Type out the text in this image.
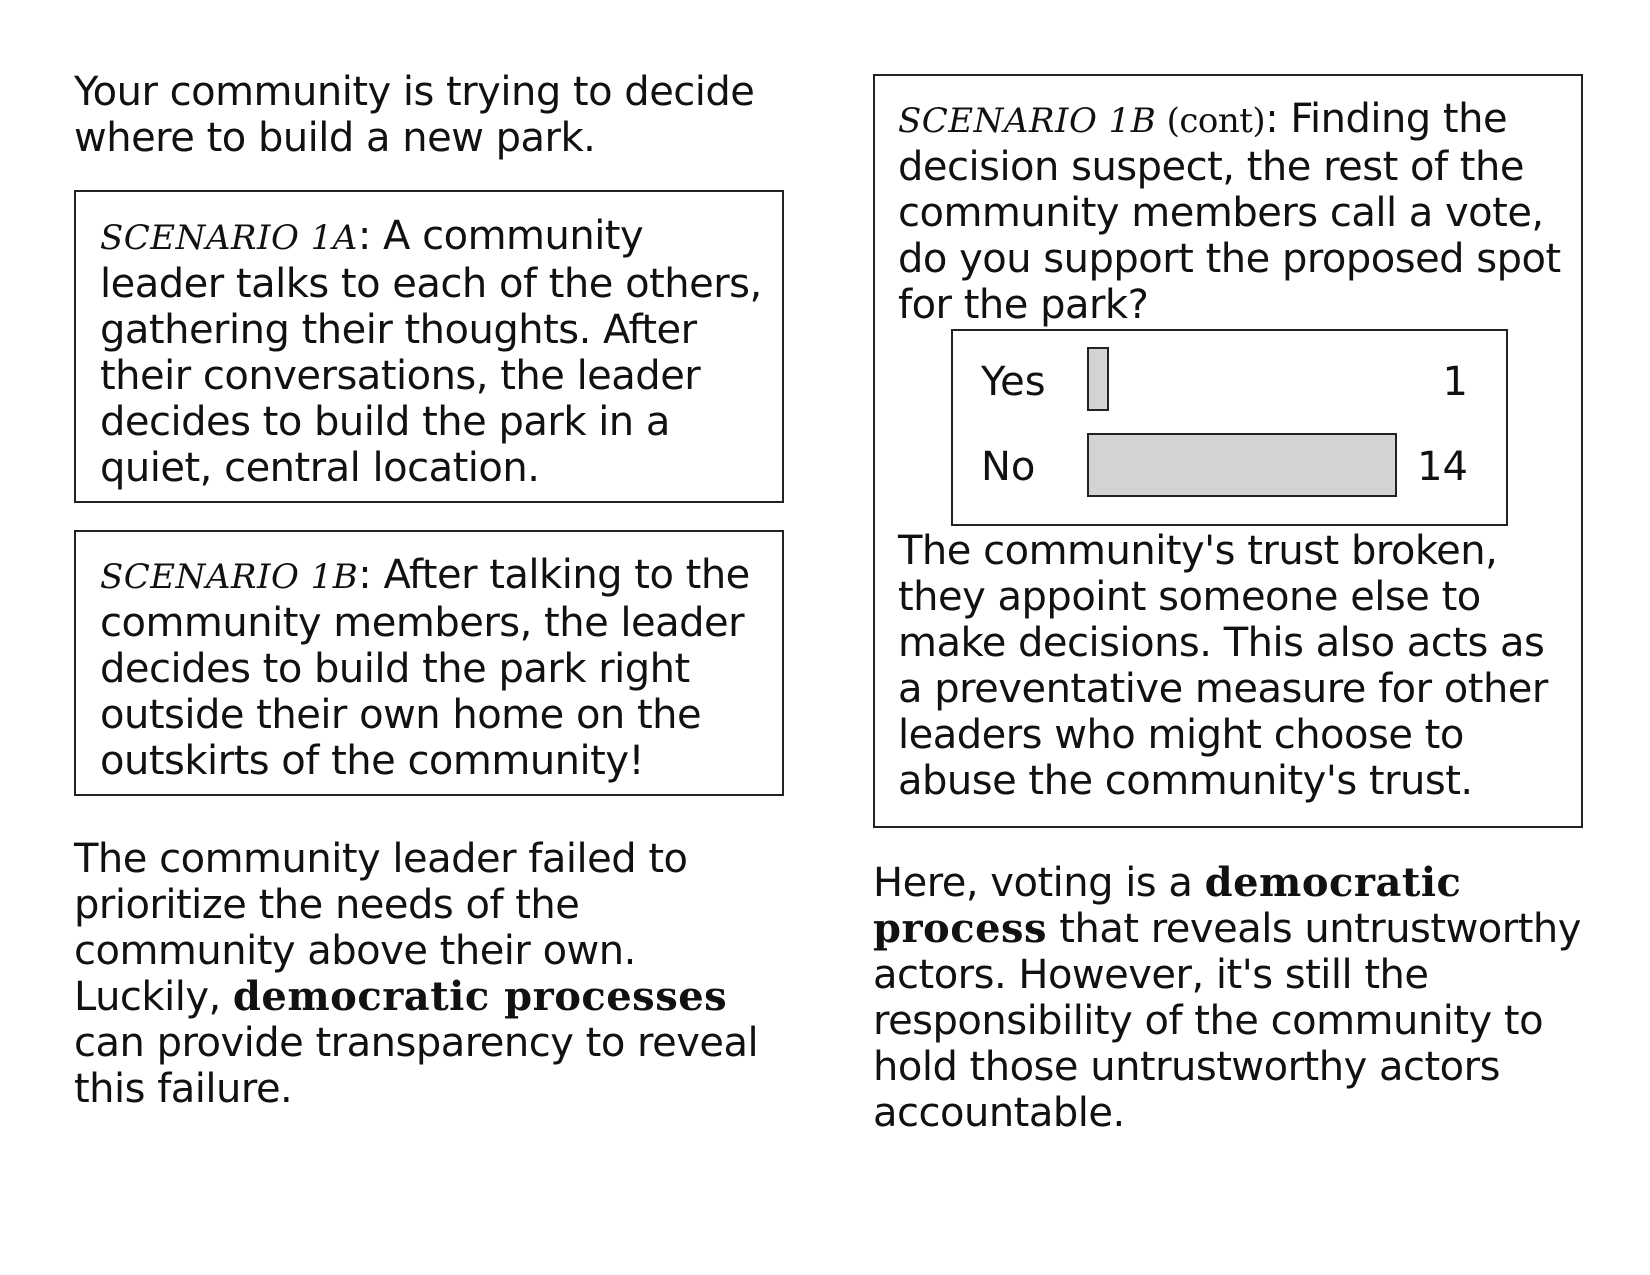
Your community is trying to decide where to build a new park.

SCENARIO 1A: A community leader talks to each of the others, gathering their thoughts. After their conversations, the leader decides to build the park in a quiet, central location.

SCENARIO 1B: After talking to the community members, the leader decides to build the park right outside their own home on the outskirts of the community!

The community leader failed to prioritize the needs of the community above their own. Luckily, democratic processes can provide transparency to reveal this failure.

SCENARIO 1B (cont): Finding the decision suspect, the rest of the community members call a vote, do you support the proposed spot for the park?

Yes	1
No	14

The community's trust broken, they appoint someone else to make decisions. This also acts as a preventative measure for other leaders who might choose to abuse the community's trust.

Here, voting is a democratic process that reveals untrustworthy actors. However, it's still the responsibility of the community to hold those untrustworthy actors accountable.
